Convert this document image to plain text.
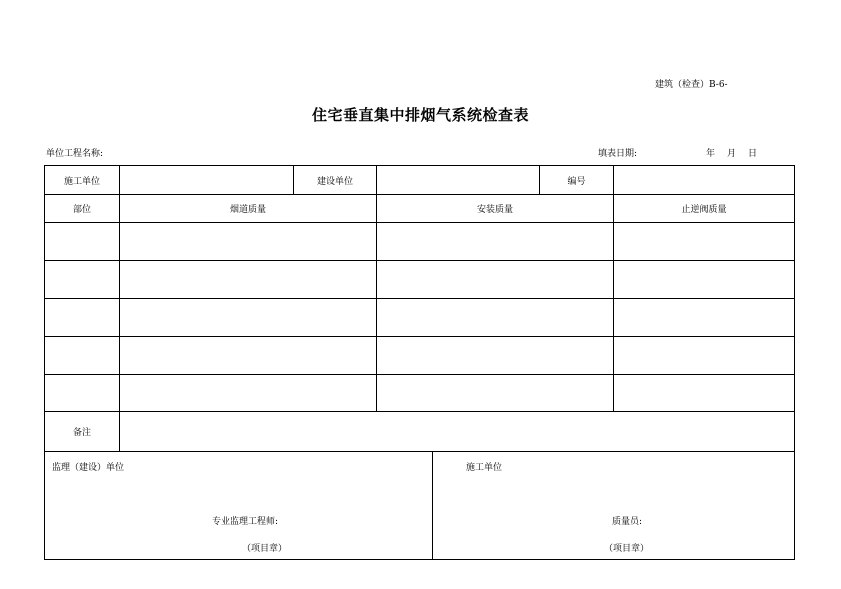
建筑（检查）B-6-
住宅垂直集中排烟气系统检查表
单位工程名称:	填表日期:	年 月 日
施工单位	建设单位	编号
部位	烟道质量	安装质量	止逆阀质量
备注
监理（建设）单位	施工单位
专业监理工程师:	质量员:
（项目章）	（项目章）
